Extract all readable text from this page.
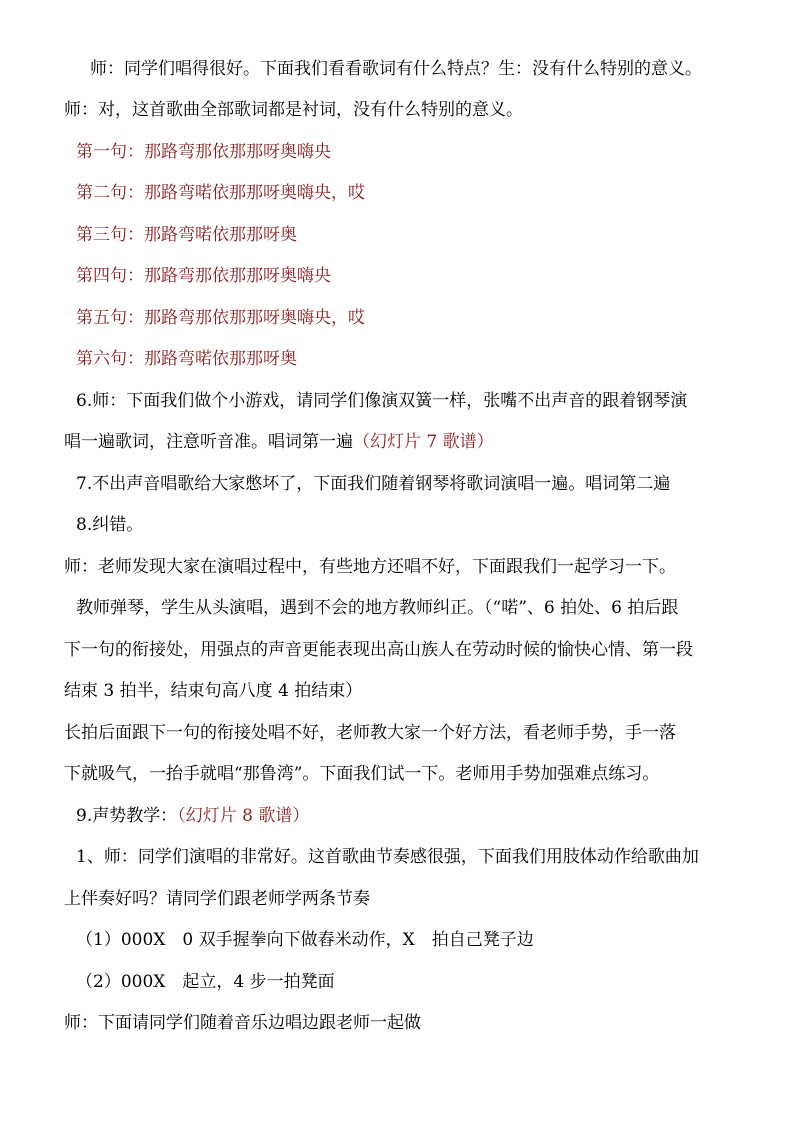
师：同学们唱得很好。下面我们看看歌词有什么特点？生：没有什么特别的意义。
师：对，这首歌曲全部歌词都是衬词，没有什么特别的意义。
第一句：那路弯那依那那呀奥嗨央
第二句：那路弯喏依那那呀奥嗨央，哎
第三句：那路弯喏依那那呀奥
第四句：那路弯那依那那呀奥嗨央
第五句：那路弯那依那那呀奥嗨央，哎
第六句：那路弯喏依那那呀奥
6.师：下面我们做个小游戏，请同学们像演双簧一样，张嘴不出声音的跟着钢琴演
唱一遍歌词，注意听音准。唱词第一遍（幻灯片 7 歌谱）
7.不出声音唱歌给大家憋坏了，下面我们随着钢琴将歌词演唱一遍。唱词第二遍
8.纠错。
师：老师发现大家在演唱过程中，有些地方还唱不好，下面跟我们一起学习一下。
教师弹琴，学生从头演唱，遇到不会的地方教师纠正。（“喏”、6 拍处、6 拍后跟
下一句的衔接处，用强点的声音更能表现出高山族人在劳动时候的愉快心情、第一段
结束 3 拍半，结束句高八度 4 拍结束）
长拍后面跟下一句的衔接处唱不好，老师教大家一个好方法，看老师手势，手一落
下就吸气，一抬手就唱“那鲁湾”。下面我们试一下。老师用手势加强难点练习。
9.声势教学：（幻灯片 8 歌谱）
1、师：同学们演唱的非常好。这首歌曲节奏感很强，下面我们用肢体动作给歌曲加
上伴奏好吗？请同学们跟老师学两条节奏
（1）000X　0 双手握拳向下做舂米动作，X　拍自己凳子边
（2）000X　起立，4 步一拍凳面
师：下面请同学们随着音乐边唱边跟老师一起做
